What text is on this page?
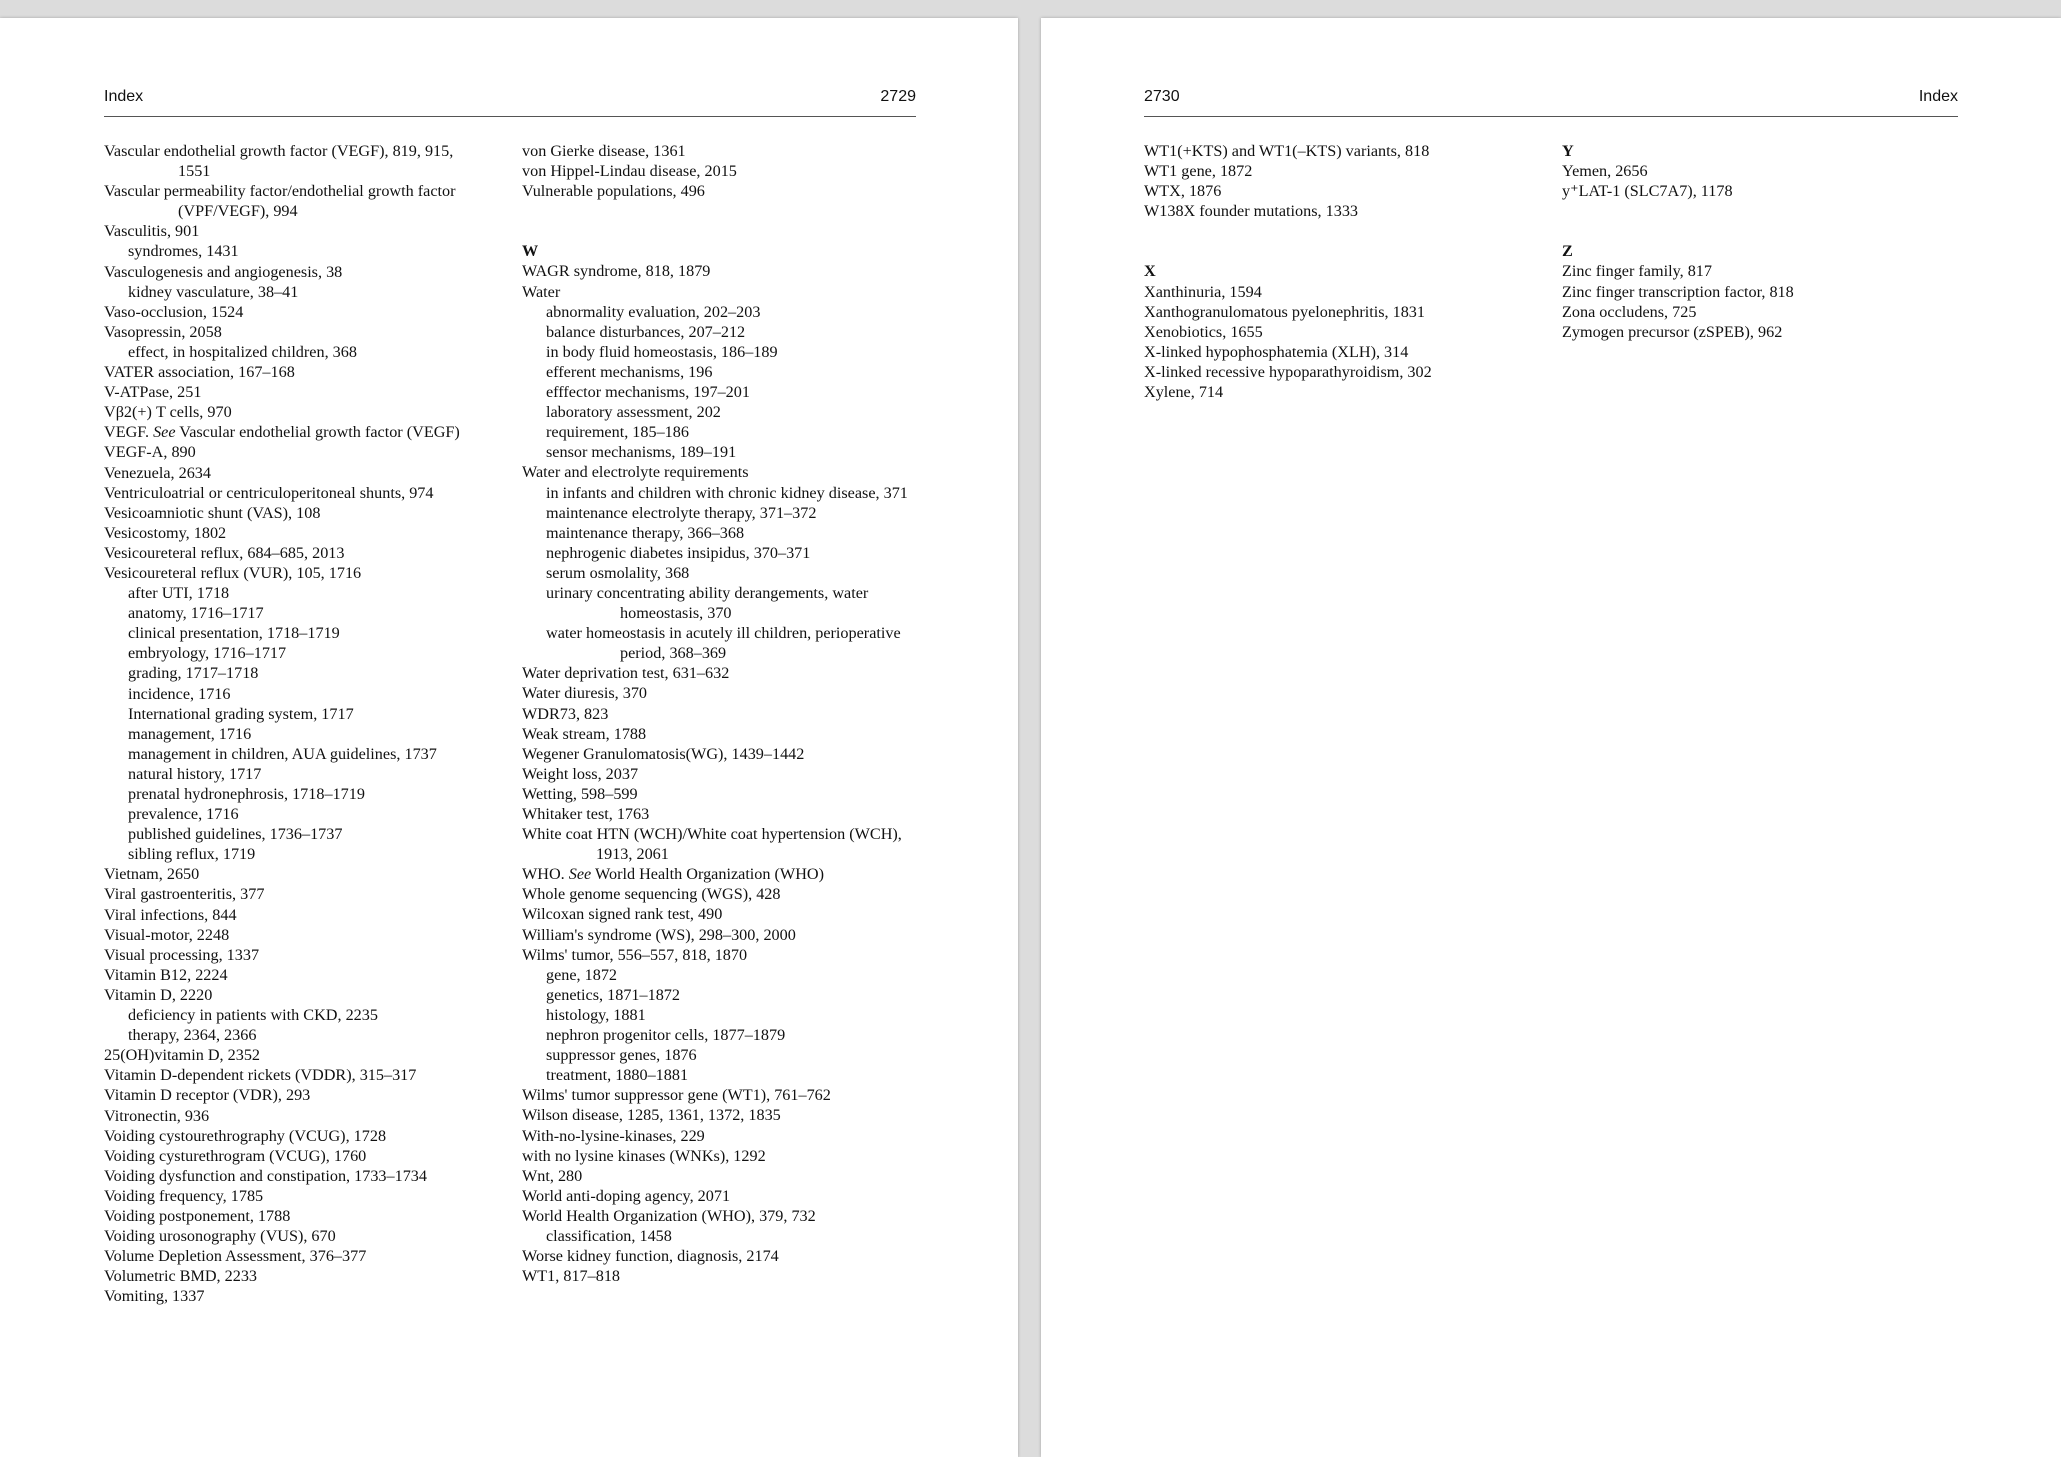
Index	2729
Vascular endothelial growth factor (VEGF), 819, 915, 1551
Vascular permeability factor/endothelial growth factor (VPF/VEGF), 994
Vasculitis, 901
syndromes, 1431
Vasculogenesis and angiogenesis, 38
kidney vasculature, 38–41
Vaso-occlusion, 1524
Vasopressin, 2058
effect, in hospitalized children, 368
VATER association, 167–168
V-ATPase, 251
Vβ2(+) T cells, 970
VEGF. See Vascular endothelial growth factor (VEGF)
VEGF-A, 890
Venezuela, 2634
Ventriculoatrial or centriculoperitoneal shunts, 974
Vesicoamniotic shunt (VAS), 108
Vesicostomy, 1802
Vesicoureteral reflux, 684–685, 2013
Vesicoureteral reflux (VUR), 105, 1716
after UTI, 1718
anatomy, 1716–1717
clinical presentation, 1718–1719
embryology, 1716–1717
grading, 1717–1718
incidence, 1716
International grading system, 1717
management, 1716
management in children, AUA guidelines, 1737
natural history, 1717
prenatal hydronephrosis, 1718–1719
prevalence, 1716
published guidelines, 1736–1737
sibling reflux, 1719
Vietnam, 2650
Viral gastroenteritis, 377
Viral infections, 844
Visual-motor, 2248
Visual processing, 1337
Vitamin B12, 2224
Vitamin D, 2220
deficiency in patients with CKD, 2235
therapy, 2364, 2366
25(OH)vitamin D, 2352
Vitamin D-dependent rickets (VDDR), 315–317
Vitamin D receptor (VDR), 293
Vitronectin, 936
Voiding cystourethrography (VCUG), 1728
Voiding cysturethrogram (VCUG), 1760
Voiding dysfunction and constipation, 1733–1734
Voiding frequency, 1785
Voiding postponement, 1788
Voiding urosonography (VUS), 670
Volume Depletion Assessment, 376–377
Volumetric BMD, 2233
Vomiting, 1337
von Gierke disease, 1361
von Hippel-Lindau disease, 2015
Vulnerable populations, 496
W
WAGR syndrome, 818, 1879
Water
abnormality evaluation, 202–203
balance disturbances, 207–212
in body fluid homeostasis, 186–189
efferent mechanisms, 196
efffector mechanisms, 197–201
laboratory assessment, 202
requirement, 185–186
sensor mechanisms, 189–191
Water and electrolyte requirements
in infants and children with chronic kidney disease, 371
maintenance electrolyte therapy, 371–372
maintenance therapy, 366–368
nephrogenic diabetes insipidus, 370–371
serum osmolality, 368
urinary concentrating ability derangements, water homeostasis, 370
water homeostasis in acutely ill children, perioperative period, 368–369
Water deprivation test, 631–632
Water diuresis, 370
WDR73, 823
Weak stream, 1788
Wegener Granulomatosis(WG), 1439–1442
Weight loss, 2037
Wetting, 598–599
Whitaker test, 1763
White coat HTN (WCH)/White coat hypertension (WCH), 1913, 2061
WHO. See World Health Organization (WHO)
Whole genome sequencing (WGS), 428
Wilcoxan signed rank test, 490
William's syndrome (WS), 298–300, 2000
Wilms' tumor, 556–557, 818, 1870
gene, 1872
genetics, 1871–1872
histology, 1881
nephron progenitor cells, 1877–1879
suppressor genes, 1876
treatment, 1880–1881
Wilms' tumor suppressor gene (WT1), 761–762
Wilson disease, 1285, 1361, 1372, 1835
With-no-lysine-kinases, 229
with no lysine kinases (WNKs), 1292
Wnt, 280
World anti-doping agency, 2071
World Health Organization (WHO), 379, 732
classification, 1458
Worse kidney function, diagnosis, 2174
WT1, 817–818
2730	Index
WT1(+KTS) and WT1(–KTS) variants, 818
WT1 gene, 1872
WTX, 1876
W138X founder mutations, 1333
X
Xanthinuria, 1594
Xanthogranulomatous pyelonephritis, 1831
Xenobiotics, 1655
X-linked hypophosphatemia (XLH), 314
X-linked recessive hypoparathyroidism, 302
Xylene, 714
Y
Yemen, 2656
y⁺LAT-1 (SLC7A7), 1178
Z
Zinc finger family, 817
Zinc finger transcription factor, 818
Zona occludens, 725
Zymogen precursor (zSPEB), 962
